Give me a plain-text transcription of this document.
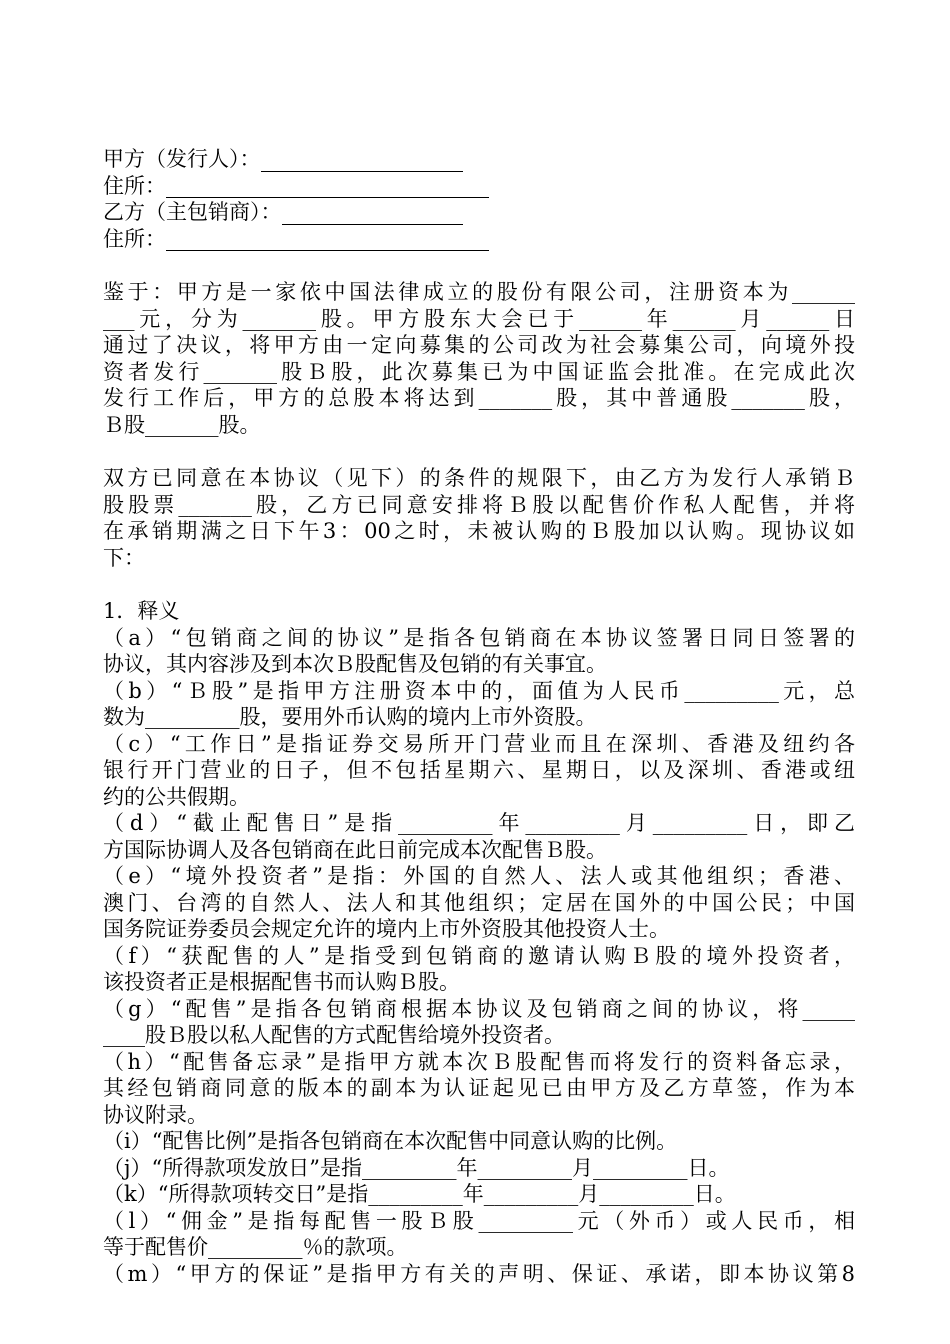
甲方（发行人）：
住所：
乙方（主包销商）：
住所：
鉴于：甲方是一家依中国法律成立的股份有限公司，注册资本为______
___元，分为_______股。甲方股东大会已于______年______月______日
通过了决议，将甲方由一定向募集的公司改为社会募集公司，向境外投
资者发行_______股Ｂ股，此次募集已为中国证监会批准。在完成此次
发行工作后，甲方的总股本将达到_______股，其中普通股_______股，
Ｂ股_______股。
双方已同意在本协议（见下）的条件的规限下，由乙方为发行人承销Ｂ
股股票_______股，乙方已同意安排将Ｂ股以配售价作私人配售，并将
在承销期满之日下午3：00之时，未被认购的Ｂ股加以认购。现协议如
下：
1．释义
（a）“包销商之间的协议”是指各包销商在本协议签署日同日签署的
协议，其内容涉及到本次Ｂ股配售及包销的有关事宜。
（b）“Ｂ股”是指甲方注册资本中的，面值为人民币_________元，总
数为_________股，要用外币认购的境内上市外资股。
（c）“工作日”是指证券交易所开门营业而且在深圳、香港及纽约各
银行开门营业的日子，但不包括星期六、星期日，以及深圳、香港或纽
约的公共假期。
（d）“截止配售日”是指_________年_________月_________日，即乙
方国际协调人及各包销商在此日前完成本次配售Ｂ股。
（e）“境外投资者”是指：外国的自然人、法人或其他组织；香港、
澳门、台湾的自然人、法人和其他组织；定居在国外的中国公民；中国
国务院证券委员会规定允许的境内上市外资股其他投资人士。
（f）“获配售的人”是指受到包销商的邀请认购Ｂ股的境外投资者，
该投资者正是根据配售书而认购Ｂ股。
（g）“配售”是指各包销商根据本协议及包销商之间的协议，将_____
____股Ｂ股以私人配售的方式配售给境外投资者。
（h）“配售备忘录”是指甲方就本次Ｂ股配售而将发行的资料备忘录，
其经包销商同意的版本的副本为认证起见已由甲方及乙方草签，作为本
协议附录。
（i）“配售比例”是指各包销商在本次配售中同意认购的比例。
（j）“所得款项发放日”是指_________年_________月_________日。
（k）“所得款项转交日”是指_________年_________月_________日。
（l）“佣金”是指每配售一股Ｂ股_________元（外币）或人民币，相
等于配售价_________％的款项。
（m）“甲方的保证”是指甲方有关的声明、保证、承诺，即本协议第8
